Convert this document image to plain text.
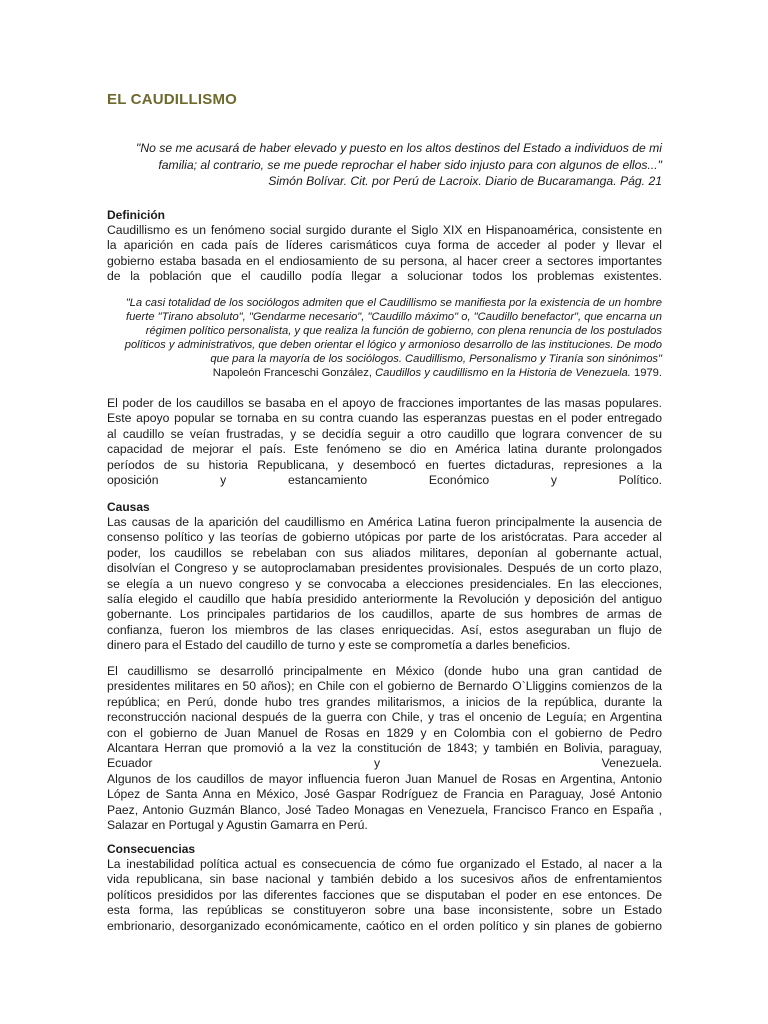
EL CAUDILLISMO
"No se me acusará de haber elevado y puesto en los altos destinos del Estado a individuos de mi
familia; al contrario, se me puede reprochar el haber sido injusto para con algunos de ellos..."
Simón Bolívar. Cit. por Perú de Lacroix. Diario de Bucaramanga. Pág. 21
Definición
Caudillismo es un fenómeno social surgido durante el Siglo XIX en Hispanoamérica, consistente en
la aparición en cada país de líderes carismáticos cuya forma de acceder al poder y llevar el
gobierno estaba basada en el endiosamiento de su persona, al hacer creer a sectores importantes
de la población que el caudillo podía llegar a solucionar todos los problemas existentes.
"La casi totalidad de los sociólogos admiten que el Caudillismo se manifiesta por la existencia de un hombre
fuerte "Tirano absoluto", "Gendarme necesario", "Caudillo máximo" o, "Caudillo benefactor", que encarna un
régimen político personalista, y que realiza la función de gobierno, con plena renuncia de los postulados
políticos y administrativos, que deben orientar el lógico y armonioso desarrollo de las instituciones. De modo
que para la mayoría de los sociólogos. Caudillismo, Personalismo y Tiranía son sinónimos"
Napoleón Franceschi González, Caudillos y caudillismo en la Historia de Venezuela. 1979.
El poder de los caudillos se basaba en el apoyo de fracciones importantes de las masas populares.
Este apoyo popular se tornaba en su contra cuando las esperanzas puestas en el poder entregado
al caudillo se veían frustradas, y se decidía seguir a otro caudillo que lograra convencer de su
capacidad de mejorar el país. Este fenómeno se dio en América latina durante prolongados
períodos de su historia Republicana, y desembocó en fuertes dictaduras, represiones a la
oposición y estancamiento Económico y Político.
Causas
Las causas de la aparición del caudillismo en América Latina fueron principalmente la ausencia de
consenso político y las teorías de gobierno utópicas por parte de los aristócratas. Para acceder al
poder, los caudillos se rebelaban con sus aliados militares, deponían al gobernante actual,
disolvían el Congreso y se autoproclamaban presidentes provisionales. Después de un corto plazo,
se elegía a un nuevo congreso y se convocaba a elecciones presidenciales. En las elecciones,
salía elegido el caudillo que había presidido anteriormente la Revolución y deposición del antiguo
gobernante. Los principales partidarios de los caudillos, aparte de sus hombres de armas de
confianza, fueron los miembros de las clases enriquecidas. Así, estos aseguraban un flujo de
dinero para el Estado del caudillo de turno y este se comprometía a darles beneficios.
El caudillismo se desarrolló principalmente en México (donde hubo una gran cantidad de
presidentes militares en 50 años); en Chile con el gobierno de Bernardo O`Lliggins comienzos de la
república; en Perú, donde hubo tres grandes militarismos, a inicios de la república, durante la
reconstrucción nacional después de la guerra con Chile, y tras el oncenio de Leguía; en Argentina
con el gobierno de Juan Manuel de Rosas en 1829 y en Colombia con el gobierno de Pedro
Alcantara Herran que promovió a la vez la constitución de 1843; y también en Bolivia, paraguay,
Ecuador y Venezuela.
Algunos de los caudillos de mayor influencia fueron Juan Manuel de Rosas en Argentina, Antonio
López de Santa Anna en México, José Gaspar Rodríguez de Francia en Paraguay, José Antonio
Paez, Antonio Guzmán Blanco, José Tadeo Monagas en Venezuela, Francisco Franco en España ,
Salazar en Portugal y Agustin Gamarra en Perú.
Consecuencias
La inestabilidad política actual es consecuencia de cómo fue organizado el Estado, al nacer a la
vida republicana, sin base nacional y también debido a los sucesivos años de enfrentamientos
políticos presididos por las diferentes facciones que se disputaban el poder en ese entonces. De
esta forma, las repúblicas se constituyeron sobre una base inconsistente, sobre un Estado
embrionario, desorganizado económicamente, caótico en el orden político y sin planes de gobierno
